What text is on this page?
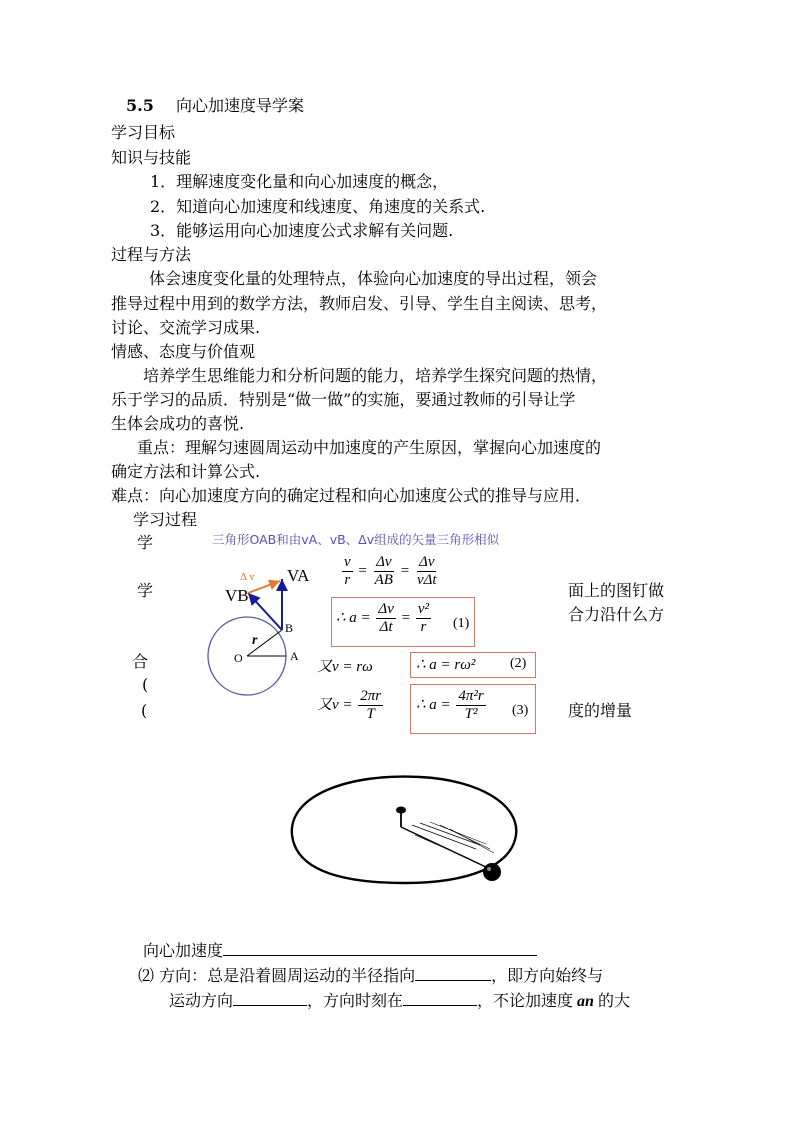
5.5 向心加速度导学案
学习目标
知识与技能
1．理解速度变化量和向心加速度的概念，
2．知道向心加速度和线速度、角速度的关系式.
3．能够运用向心加速度公式求解有关问题.
过程与方法
体会速度变化量的处理特点，体验向心加速度的导出过程，领会
推导过程中用到的数学方法，教师启发、引导、学生自主阅读、思考，
讨论、交流学习成果.
情感、态度与价值观
培养学生思维能力和分析问题的能力，培养学生探究问题的热情，
乐于学习的品质．特别是“做一做”的实施，要通过教师的引导让学
生体会成功的喜悦.
重点：理解匀速圆周运动中加速度的产生原因，掌握向心加速度的
确定方法和计算公式.
难点：向心加速度方向的确定过程和向心加速度公式的推导与应用．
学习过程
学
学
合
(
(
面上的图钉做
合力沿什么方
度的增量
三角形OAB和由vA、vB、Δv组成的矢量三角形相似
Δ v VA
VB
r
O	A
B
$\frac{v}{r} = \frac{\Delta v}{AB} = \frac{\Delta v}{\text{vΔt}}$
∴ $a = \frac{\Delta v}{\Delta t} = \frac{\text{v²}}{r} (1)$
又v = rω	∴ a = rω² (2)
又$v = \frac{2\pi r}{T}$ ∴ $a = \frac{\text{4π²r}}{\text{T²}} (3)$
向心加速度
⑵ 方向：总是沿着圆周运动的半径指向	，即方向始终与
运动方向	，方向时刻在	，不论加速度 an 的大
